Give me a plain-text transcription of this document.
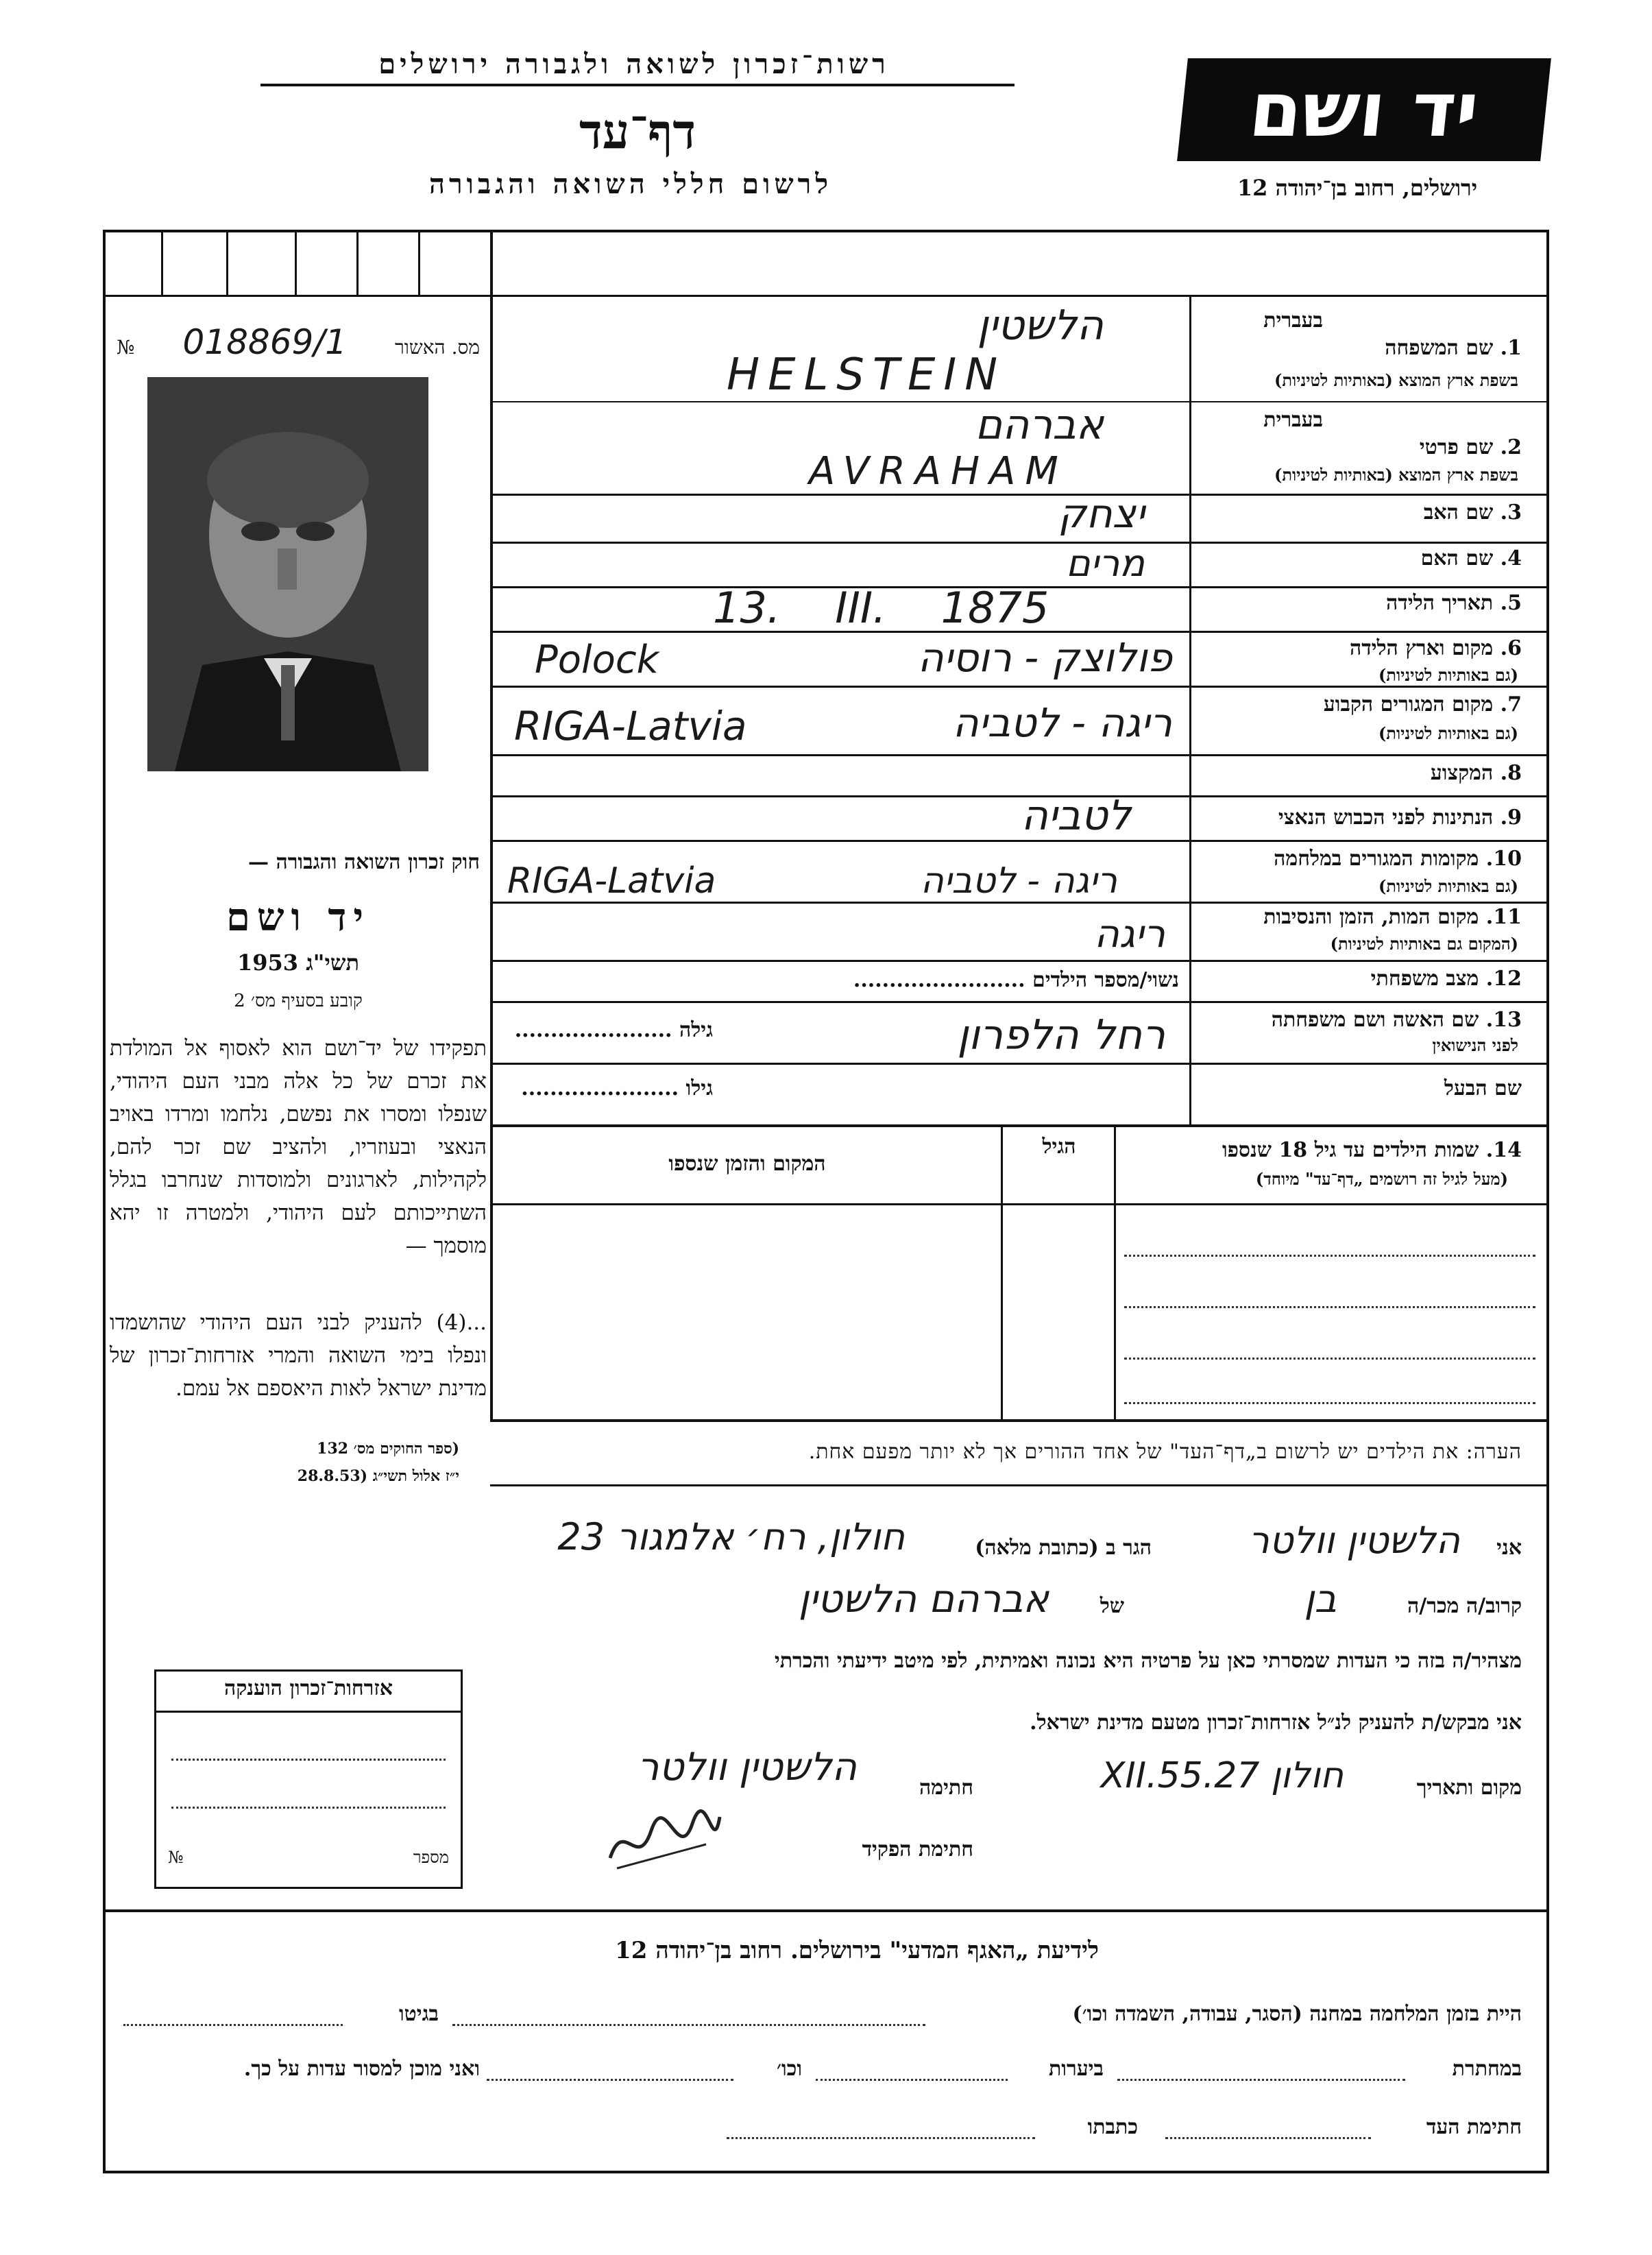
רשות־זכרון לשואה ולגבורה ירושלים
דף־עד
לרשום חללי השואה והגבורה
יד ושם
ירושלים, רחוב בן־יהודה 12
מס. האשור
018869/1
№
חוק זכרון השואה והגבורה —
יד ושם
תשי"ג 1953
קובע בסעיף מס׳ 2
תפקידו של יד־ושם הוא לאסוף אל המולדת את זכרם של כל אלה מבני העם היהודי, שנפלו ומסרו את נפשם, נלחמו ומרדו באויב הנאצי ובעוזריו, ולהציב שם זכר להם, לקהילות, לארגונים ולמוסדות שנחרבו בגלל השתייכותם לעם היהודי, ולמטרה זו יהא מוסמך —
...(4) להעניק לבני העם היהודי שהושמדו ונפלו בימי השואה והמרי אזרחות־זכרון של מדינת ישראל לאות היאספם אל עמם.
(ספר החוקים מס׳ 132
י״ז אלול תשי״ג (28.8.53
אזרחות־זכרון הוענקה
מספר
№
בעברית
1. שם המשפחה
בשפת ארץ המוצא (באותיות לטיניות)
הלשטין
HELSTEIN
בעברית
2. שם פרטי
בשפת ארץ המוצא (באותיות לטיניות)
אברהם
AVRAHAM
3. שם האב
יצחק
4. שם האם
מרים
5. תאריך הלידה
13. III. 1875
6. מקום וארץ הלידה
(גם באותיות לטיניות)
Polock	פולוצק - רוסיה
7. מקום המגורים הקבוע
(גם באותיות לטיניות)
RIGA-Latvia	ריגה - לטביה
8. המקצוע
9. הנתינות לפני הכבוש הנאצי
לטביה
10. מקומות המגורים במלחמה
(גם באותיות לטיניות)
RIGA-Latvia	ריגה - לטביה
11. מקום המות, הזמן והנסיבות
(המקום גם באותיות לטיניות)
ריגה
12. מצב משפחתי
נשוי/מספר הילדים ........................
13. שם האשה ושם משפחתה
לפני הנישואין
רחל הלפרון
גילה ......................
שם הבעל
גילו ......................
14. שמות הילדים עד גיל 18 שנספו
(מעל לגיל זה רושמים „דף־עד" מיוחד)
הגיל
המקום והזמן שנספו
הערה: את הילדים יש לרשום ב„דף־העד" של אחד ההורים אך לא יותר מפעם אחת.
אני
הלשטין וולטר
הגר ב (כתובת מלאה)
חולון, רח׳ אלמגור 23
קרוב/ה מכר/ה
בן
של
אברהם הלשטין
מצהיר/ה בזה כי העדות שמסרתי כאן על פרטיה היא נכונה ואמיתית, לפי מיטב ידיעתי והכרתי
אני מבקש/ת להעניק לנ״ל אזרחות־זכרון מטעם מדינת ישראל.
מקום ותאריך
חולון 27.XII.55
חתימה
הלשטין וולטר
חתימת הפקיד
לידיעת „האגף המדעי" בירושלים. רחוב בן־יהודה 12
היית בזמן המלחמה במחנה (הסגר, עבודה, השמדה וכו׳)
בגיטו
במחתרת
ביערות
וכו׳
ואני מוכן למסור עדות על כך.
חתימת העד
כתבתו
